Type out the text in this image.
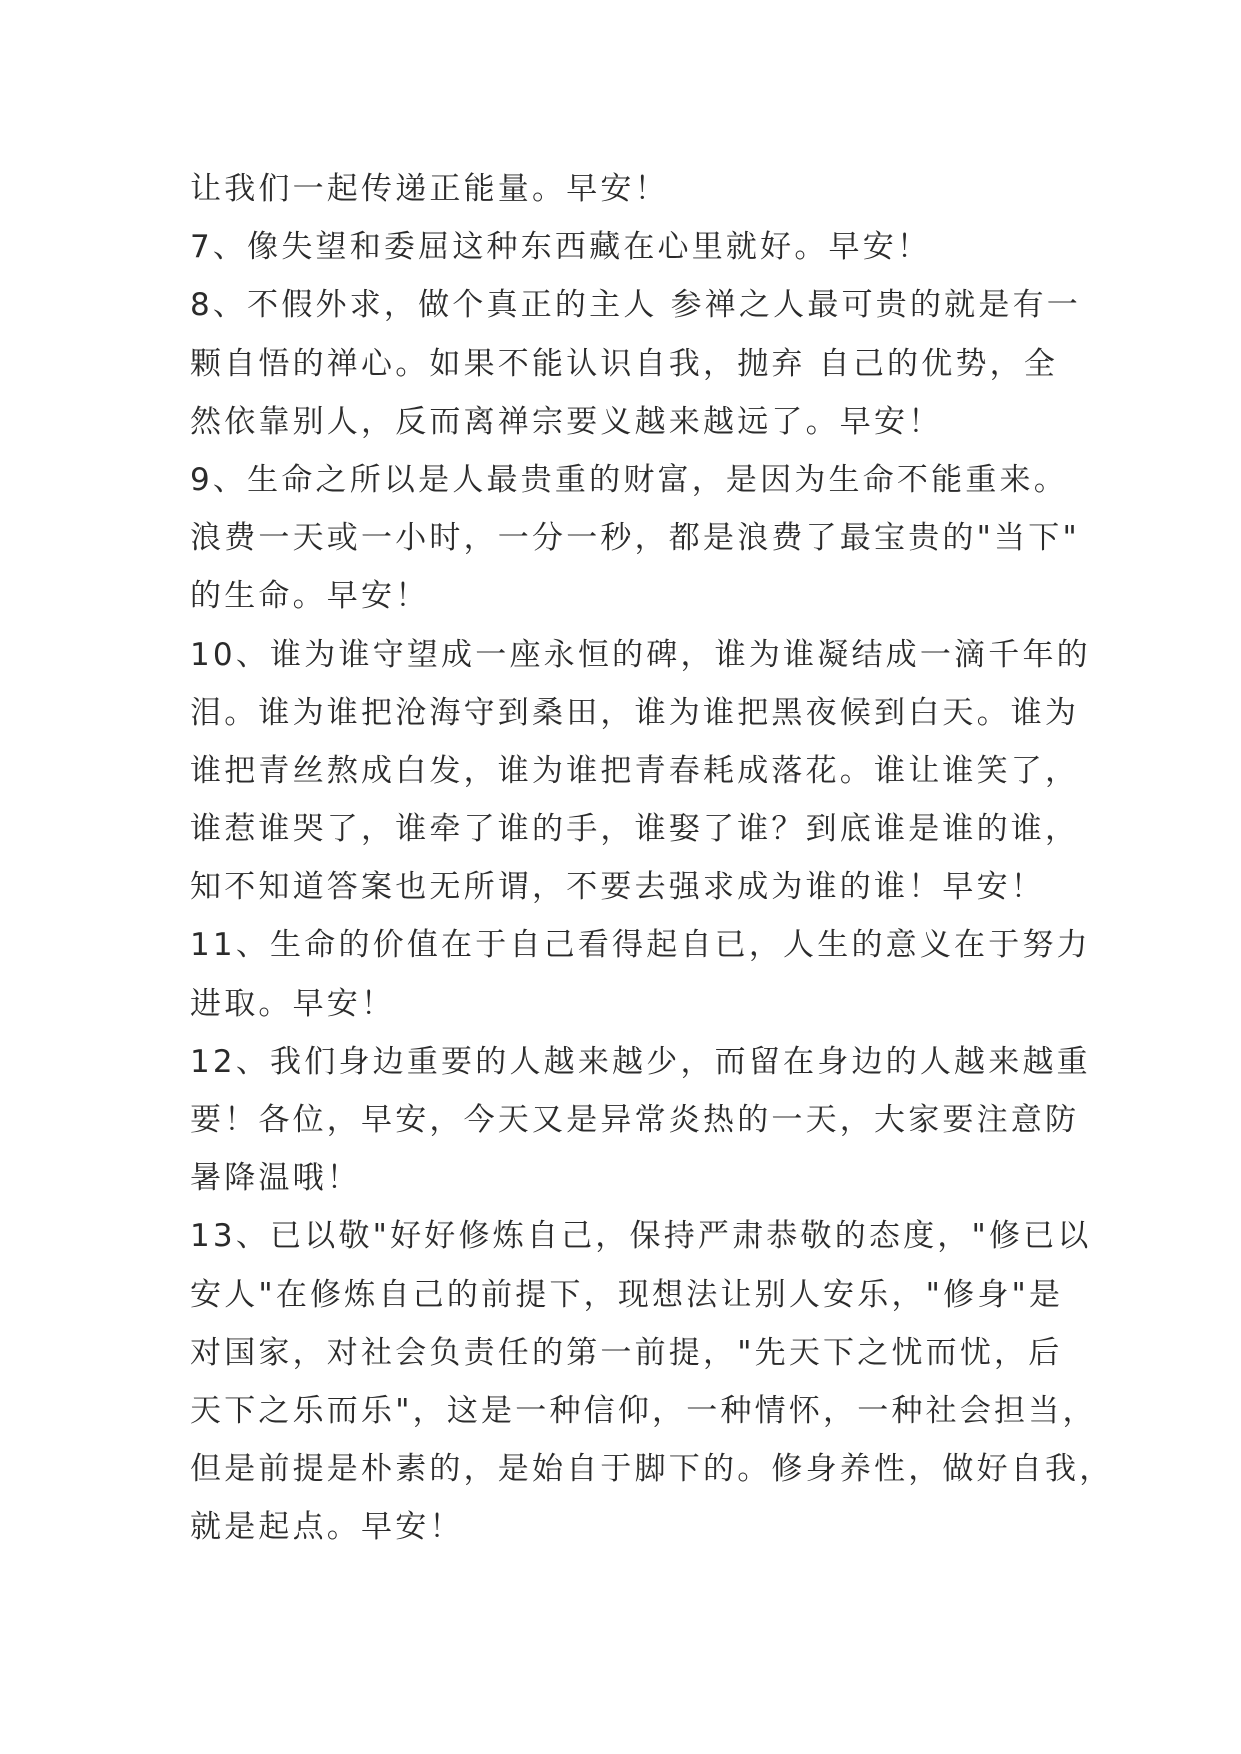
让我们一起传递正能量。早安！
7、像失望和委屈这种东西藏在心里就好。早安！
8、不假外求，做个真正的主人 参禅之人最可贵的就是有一
颗自悟的禅心。如果不能认识自我，抛弃 自己的优势，全
然依靠别人，反而离禅宗要义越来越远了。早安！
9、生命之所以是人最贵重的财富，是因为生命不能重来。
浪费一天或一小时，一分一秒，都是浪费了最宝贵的"当下"
的生命。早安！
10、谁为谁守望成一座永恒的碑，谁为谁凝结成一滴千年的
泪。谁为谁把沧海守到桑田，谁为谁把黑夜候到白天。谁为
谁把青丝熬成白发，谁为谁把青春耗成落花。谁让谁笑了，
谁惹谁哭了，谁牵了谁的手，谁娶了谁？到底谁是谁的谁，
知不知道答案也无所谓，不要去强求成为谁的谁！早安！
11、生命的价值在于自己看得起自已，人生的意义在于努力
进取。早安！
12、我们身边重要的人越来越少，而留在身边的人越来越重
要！各位，早安，今天又是异常炎热的一天，大家要注意防
暑降温哦！
13、已以敬"好好修炼自己，保持严肃恭敬的态度，"修已以
安人"在修炼自己的前提下，现想法让别人安乐，"修身"是
对国家，对社会负责任的第一前提，"先天下之忧而忧，后
天下之乐而乐"，这是一种信仰，一种情怀，一种社会担当，
但是前提是朴素的，是始自于脚下的。修身养性，做好自我，
就是起点。早安！
